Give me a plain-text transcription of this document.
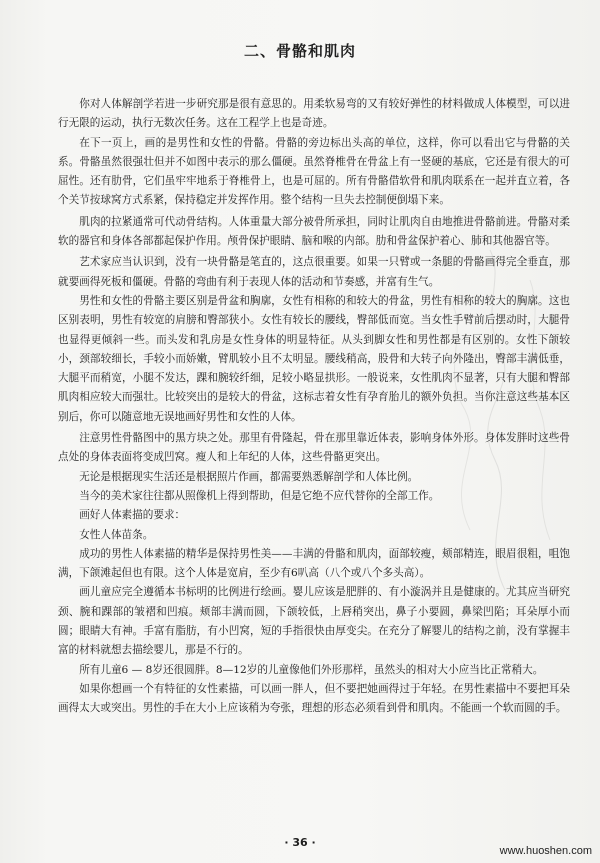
二、骨骼和肌肉

你对人体解剖学若进一步研究那是很有意思的。用柔软易弯的又有较好弹性的材料做成人体模型，可以进行无限的运动，执行无数次任务。这在工程学上也是奇迹。

在下一页上，画的是男性和女性的骨骼。骨骼的旁边标出头高的单位，这样，你可以看出它与骨骼的关系。骨骼虽然很强壮但并不如图中表示的那么僵硬。虽然脊椎骨在骨盆上有一竖硬的基底，它还是有很大的可屈性。还有肋骨，它们虽牢牢地系于脊椎骨上，也是可屈的。所有骨骼借软骨和肌肉联系在一起并直立着，各个关节按球窝方式系紧，保持稳定并发挥作用。整个结构一旦失去控制便倒塌下来。

肌肉的拉紧通常可代动骨结构。人体重量大部分被骨所承担，同时让肌肉自由地推进骨骼前进。骨骼对柔软的器官和身体各部都起保护作用。颅骨保护眼睛、脑和喉的内部。肋和骨盆保护着心、肺和其他器官等。

艺术家应当认识到，没有一块骨骼是笔直的，这点很重要。如果一只臂或一条腿的骨骼画得完全垂直，那就要画得死板和僵硬。骨骼的弯曲有利于表现人体的活动和节奏感，并富有生气。

男性和女性的骨骼主要区别是骨盆和胸廓，女性有相称的和较大的骨盆，男性有相称的较大的胸廓。这也区别表明，男性有较宽的肩膀和臀部狭小。女性有较长的腰线，臀部低而宽。当女性手臂前后摆动时，大腿骨也显得更倾斜一些。而头发和乳房是女性身体的明显特征。从头到脚女性和男性都是有区别的。女性下颌较小，颈部较细长，手较小而娇嫩，臂肌较小且不太明显。腰线稍高，股骨和大转子向外隆出，臀部丰满低垂，大腿平而稍宽，小腿不发达，踝和腕较纤细，足较小略显拱形。一般说来，女性肌肉不显著，只有大腿和臀部肌肉相应较大而强壮。比较突出的是较大的骨盆，这标志着女性有孕育胎儿的额外负担。当你注意这些基本区别后，你可以随意地无误地画好男性和女性的人体。

注意男性骨骼图中的黑方块之处。那里有骨隆起，骨在那里靠近体表，影响身体外形。身体发胖时这些骨点处的身体表面将变成凹窝。瘦人和上年纪的人体，这些骨骼更突出。

无论是根据现实生活还是根据照片作画，都需要熟悉解剖学和人体比例。

当今的美术家往往都从照像机上得到帮助，但是它绝不应代替你的全部工作。

画好人体素描的要求：

女性人体苗条。

成功的男性人体素描的精华是保持男性美——丰满的骨骼和肌肉，面部较瘦，颊部精连，眼眉很粗，咀饱满，下颌滩起但也有限。这个人体是宽肩，至少有6叭高（八个或八个多头高）。

画儿童应完全遵循本书标明的比例进行绘画。婴儿应该是肥胖的、有小漩涡并且是健康的。尤其应当研究颈、腕和踝部的皱褶和凹痕。颊部丰满而圆，下颌较低，上唇稍突出，鼻子小要圆，鼻梁凹陷；耳朵厚小而圆；眼睛大有神。手富有脂肪，有小凹窝，短的手指很快由厚变尖。在充分了解婴儿的结构之前，没有掌握丰富的材料就想去描绘婴儿，那是不行的。

所有儿童6 — 8岁还很圆胖。8—12岁的儿童像他们外形那样，虽然头的相对大小应当比正常稍大。

如果你想画一个有特征的女性素描，可以画一胖人，但不要把她画得过于年轻。在男性素描中不要把耳朵画得太大或突出。男性的手在大小上应该稍为夸张，理想的形态必须看到骨和肌肉。不能画一个软而圆的手。

· 36 ·
www.huoshen.com
